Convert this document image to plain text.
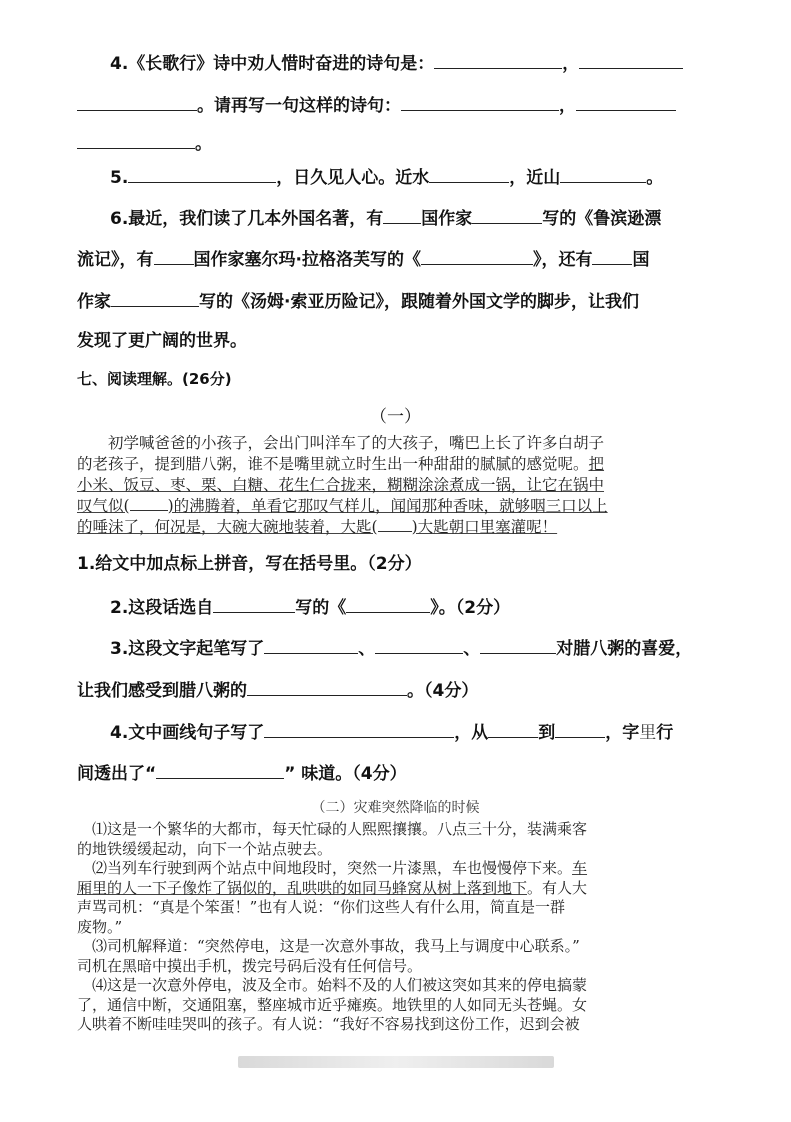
4.《长歌行》诗中劝人惜时奋进的诗句是：	，
。请再写一句这样的诗句：	，
。
5.	，日久见人心。近水	，近山	。
6.最近，我们读了几本外国名著，有 国作家	写的《鲁滨逊漂
流记》，有 国作家塞尔玛·拉格洛芙写的《	》，还有 国
作家	写的《汤姆·索亚历险记》，跟随着外国文学的脚步，让我们
发现了更广阔的世界。
七、阅读理解。(26分)
（一）
初学喊爸爸的小孩子，会出门叫洋车了的大孩子，嘴巴上长了许多白胡子
的老孩子，提到腊八粥，谁不是嘴里就立时生出一种甜甜的腻腻的感觉呢。把
小米、饭豆、枣、栗、白糖、花生仁合拢来，糊糊涂涂煮成一锅，让它在锅中
叹气似( )的沸腾着，单看它那叹气样儿，闻闻那种香味，就够咽三口以上
的唾沫了，何况是，大碗大碗地装着，大匙( )大匙朝口里塞灌呢！
1.给文中加点标上拼音，写在括号里。（2分）
2.这段话选自	写的《	》。（2分）
3.这段文字起笔写了	、	、	对腊八粥的喜爱，
让我们感受到腊八粥的	。（4分）
4.文中画线句子写了	，从	到	，字里行
间透出了“	” 味道。（4分）
（二）灾难突然降临的时候
⑴这是一个繁华的大都市，每天忙碌的人熙熙攘攘。八点三十分，装满乘客
的地铁缓缓起动，向下一个站点驶去。
⑵当列车行驶到两个站点中间地段时，突然一片漆黑，车也慢慢停下来。车
厢里的人一下子像炸了锅似的，乱哄哄的如同马蜂窝从树上落到地下。有人大
声骂司机：“真是个笨蛋！”也有人说：“你们这些人有什么用，简直是一群
废物。”
⑶司机解释道：“突然停电，这是一次意外事故，我马上与调度中心联系。”
司机在黑暗中摸出手机，拨完号码后没有任何信号。
⑷这是一次意外停电，波及全市。始料不及的人们被这突如其来的停电搞蒙
了，通信中断，交通阻塞，整座城市近乎瘫痪。地铁里的人如同无头苍蝇。女
人哄着不断哇哇哭叫的孩子。有人说：“我好不容易找到这份工作，迟到会被
